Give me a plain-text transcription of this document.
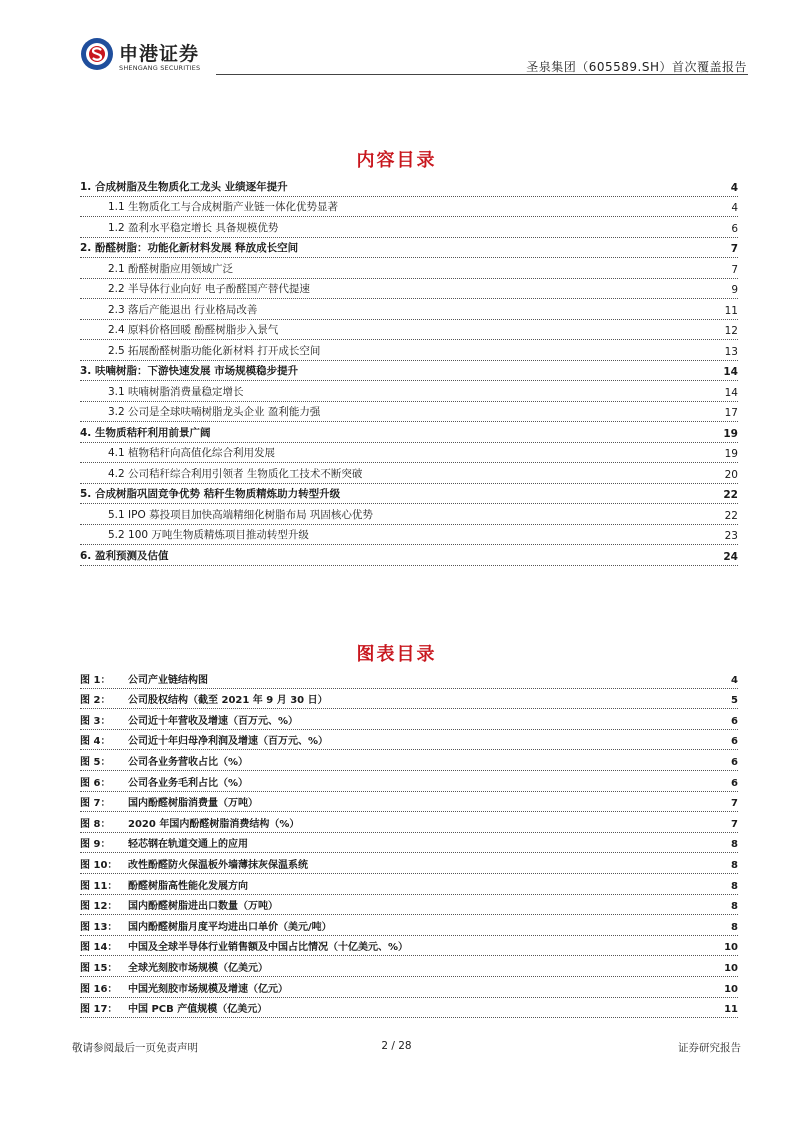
申港证券
SHENGANG SECURITIES	圣泉集团（605589.SH）首次覆盖报告
内容目录
1. 合成树脂及生物质化工龙头 业绩逐年提升	4
1.1 生物质化工与合成树脂产业链一体化优势显著	4
1.2 盈利水平稳定增长 具备规模优势	6
2. 酚醛树脂：功能化新材料发展 释放成长空间	7
2.1 酚醛树脂应用领域广泛	7
2.2 半导体行业向好 电子酚醛国产替代提速	9
2.3 落后产能退出 行业格局改善	11
2.4 原料价格回暖 酚醛树脂步入景气	12
2.5 拓展酚醛树脂功能化新材料 打开成长空间	13
3. 呋喃树脂：下游快速发展 市场规模稳步提升	14
3.1 呋喃树脂消费量稳定增长	14
3.2 公司是全球呋喃树脂龙头企业 盈利能力强	17
4. 生物质秸秆利用前景广阔	19
4.1 植物秸秆向高值化综合利用发展	19
4.2 公司秸秆综合利用引领者 生物质化工技术不断突破	20
5. 合成树脂巩固竞争优势 秸秆生物质精炼助力转型升级	22
5.1 IPO 募投项目加快高端精细化树脂布局 巩固核心优势	22
5.2 100 万吨生物质精炼项目推动转型升级	23
6. 盈利预测及估值	24
图表目录
图 1：	公司产业链结构图	4
图 2：	公司股权结构（截至 2021 年 9 月 30 日）	5
图 3：	公司近十年营收及增速（百万元、%）	6
图 4：	公司近十年归母净利润及增速（百万元、%）	6
图 5：	公司各业务营收占比（%）	6
图 6：	公司各业务毛利占比（%）	6
图 7：	国内酚醛树脂消费量（万吨）	7
图 8：	2020 年国内酚醛树脂消费结构（%）	7
图 9：	轻芯钢在轨道交通上的应用	8
图 10：	改性酚醛防火保温板外墙薄抹灰保温系统	8
图 11：	酚醛树脂高性能化发展方向	8
图 12：	国内酚醛树脂进出口数量（万吨）	8
图 13：	国内酚醛树脂月度平均进出口单价（美元/吨）	8
图 14：	中国及全球半导体行业销售额及中国占比情况（十亿美元、%）	10
图 15：	全球光刻胶市场规模（亿美元）	10
图 16：	中国光刻胶市场规模及增速（亿元）	10
图 17：	中国 PCB 产值规模（亿美元）	11
敬请参阅最后一页免责声明	2 / 28	证券研究报告
